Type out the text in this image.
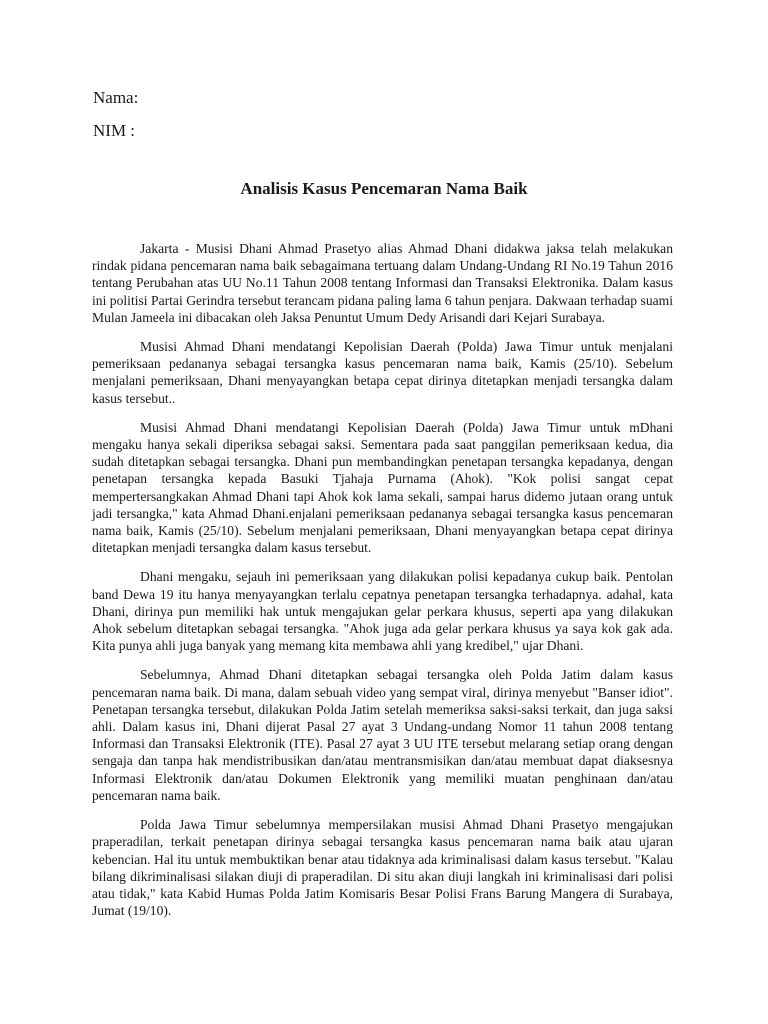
Nama:
NIM :
Analisis Kasus Pencemaran Nama Baik

Jakarta - Musisi Dhani Ahmad Prasetyo alias Ahmad Dhani didakwa jaksa telah melakukan rindak pidana pencemaran nama baik sebagaimana tertuang dalam Undang-Undang RI No.19 Tahun 2016 tentang Perubahan atas UU No.11 Tahun 2008 tentang Informasi dan Transaksi Elektronika. Dalam kasus ini politisi Partai Gerindra tersebut terancam pidana paling lama 6 tahun penjara. Dakwaan terhadap suami Mulan Jameela ini dibacakan oleh Jaksa Penuntut Umum Dedy Arisandi dari Kejari Surabaya.

Musisi Ahmad Dhani mendatangi Kepolisian Daerah (Polda) Jawa Timur untuk menjalani pemeriksaan pedananya sebagai tersangka kasus pencemaran nama baik, Kamis (25/10). Sebelum menjalani pemeriksaan, Dhani menyayangkan betapa cepat dirinya ditetapkan menjadi tersangka dalam kasus tersebut..

Musisi Ahmad Dhani mendatangi Kepolisian Daerah (Polda) Jawa Timur untuk mDhani mengaku hanya sekali diperiksa sebagai saksi. Sementara pada saat panggilan pemeriksaan kedua, dia sudah ditetapkan sebagai tersangka. Dhani pun membandingkan penetapan tersangka kepadanya, dengan penetapan tersangka kepada Basuki Tjahaja Purnama (Ahok). "Kok polisi sangat cepat mempertersangkakan Ahmad Dhani tapi Ahok kok lama sekali, sampai harus didemo jutaan orang untuk jadi tersangka," kata Ahmad Dhani.enjalani pemeriksaan pedananya sebagai tersangka kasus pencemaran nama baik, Kamis (25/10). Sebelum menjalani pemeriksaan, Dhani menyayangkan betapa cepat dirinya ditetapkan menjadi tersangka dalam kasus tersebut.

Dhani mengaku, sejauh ini pemeriksaan yang dilakukan polisi kepadanya cukup baik. Pentolan band Dewa 19 itu hanya menyayangkan terlalu cepatnya penetapan tersangka terhadapnya. adahal, kata Dhani, dirinya pun memiliki hak untuk mengajukan gelar perkara khusus, seperti apa yang dilakukan Ahok sebelum ditetapkan sebagai tersangka. "Ahok juga ada gelar perkara khusus ya saya kok gak ada. Kita punya ahli juga banyak yang memang kita membawa ahli yang kredibel," ujar Dhani.

Sebelumnya, Ahmad Dhani ditetapkan sebagai tersangka oleh Polda Jatim dalam kasus pencemaran nama baik. Di mana, dalam sebuah video yang sempat viral, dirinya menyebut "Banser idiot". Penetapan tersangka tersebut, dilakukan Polda Jatim setelah memeriksa saksi-saksi terkait, dan juga saksi ahli. Dalam kasus ini, Dhani dijerat Pasal 27 ayat 3 Undang-undang Nomor 11 tahun 2008 tentang Informasi dan Transaksi Elektronik (ITE). Pasal 27 ayat 3 UU ITE tersebut melarang setiap orang dengan sengaja dan tanpa hak mendistribusikan dan/atau mentransmisikan dan/atau membuat dapat diaksesnya Informasi Elektronik dan/atau Dokumen Elektronik yang memiliki muatan penghinaan dan/atau pencemaran nama baik.

Polda Jawa Timur sebelumnya mempersilakan musisi Ahmad Dhani Prasetyo mengajukan praperadilan, terkait penetapan dirinya sebagai tersangka kasus pencemaran nama baik atau ujaran kebencian. Hal itu untuk membuktikan benar atau tidaknya ada kriminalisasi dalam kasus tersebut. "Kalau bilang dikriminalisasi silakan diuji di praperadilan. Di situ akan diuji langkah ini kriminalisasi dari polisi atau tidak," kata Kabid Humas Polda Jatim Komisaris Besar Polisi Frans Barung Mangera di Surabaya, Jumat (19/10).
